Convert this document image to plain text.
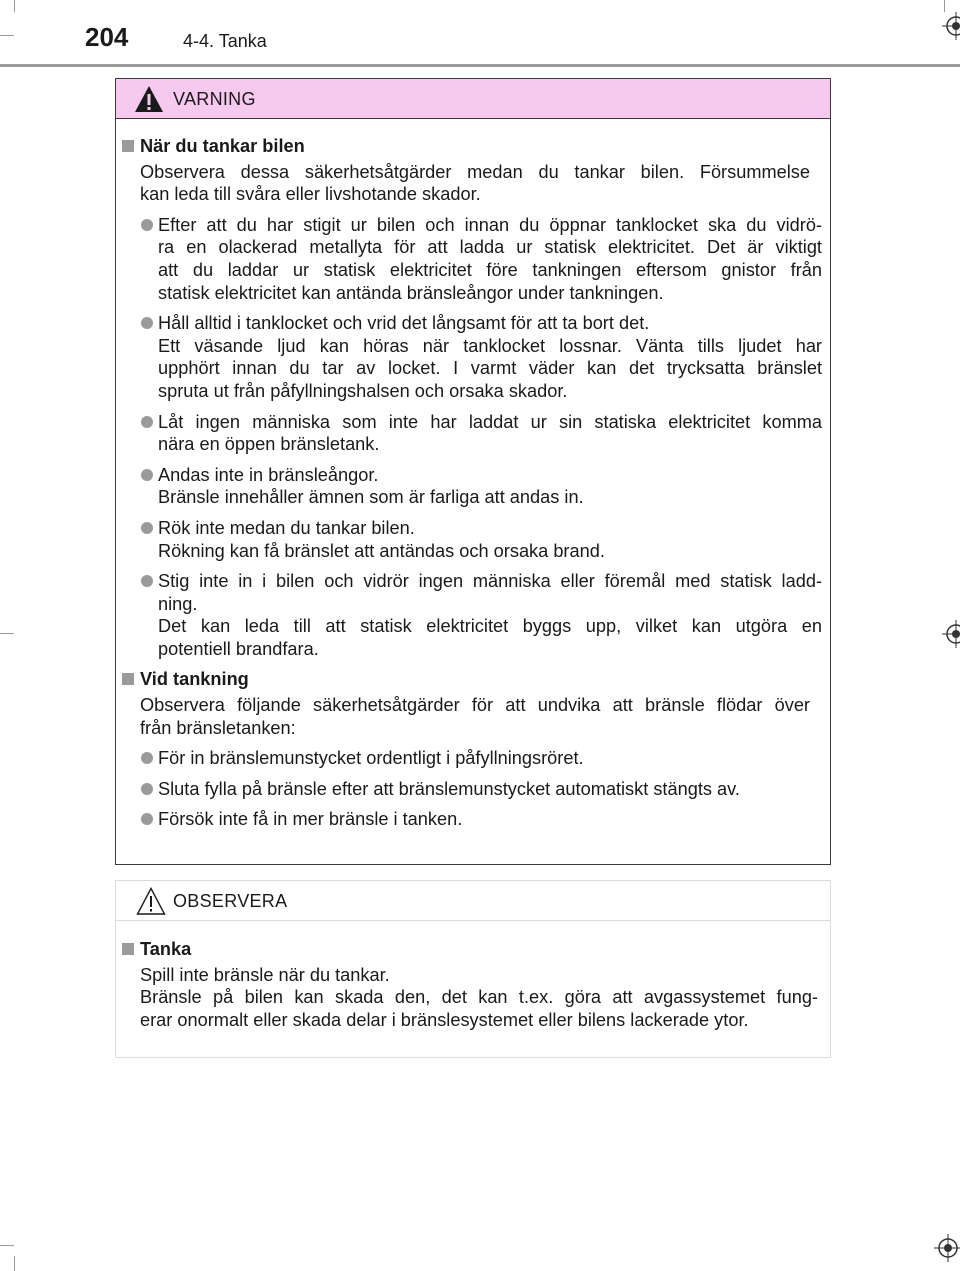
204	4-4. Tanka
VARNING
När du tankar bilen
Observera dessa säkerhetsåtgärder medan du tankar bilen. Försummelse
kan leda till svåra eller livshotande skador.
Efter att du har stigit ur bilen och innan du öppnar tanklocket ska du vidrö-
ra en olackerad metallyta för att ladda ur statisk elektricitet. Det är viktigt
att du laddar ur statisk elektricitet före tankningen eftersom gnistor från
statisk elektricitet kan antända bränsleångor under tankningen.
Håll alltid i tanklocket och vrid det långsamt för att ta bort det.
Ett väsande ljud kan höras när tanklocket lossnar. Vänta tills ljudet har
upphört innan du tar av locket. I varmt väder kan det trycksatta bränslet
spruta ut från påfyllningshalsen och orsaka skador.
Låt ingen människa som inte har laddat ur sin statiska elektricitet komma
nära en öppen bränsletank.
Andas inte in bränsleångor.
Bränsle innehåller ämnen som är farliga att andas in.
Rök inte medan du tankar bilen.
Rökning kan få bränslet att antändas och orsaka brand.
Stig inte in i bilen och vidrör ingen människa eller föremål med statisk ladd-
ning.
Det kan leda till att statisk elektricitet byggs upp, vilket kan utgöra en
potentiell brandfara.
Vid tankning
Observera följande säkerhetsåtgärder för att undvika att bränsle flödar över
från bränsletanken:
För in bränslemunstycket ordentligt i påfyllningsröret.
Sluta fylla på bränsle efter att bränslemunstycket automatiskt stängts av.
Försök inte få in mer bränsle i tanken.
OBSERVERA
Tanka
Spill inte bränsle när du tankar.
Bränsle på bilen kan skada den, det kan t.ex. göra att avgassystemet fung-
erar onormalt eller skada delar i bränslesystemet eller bilens lackerade ytor.
